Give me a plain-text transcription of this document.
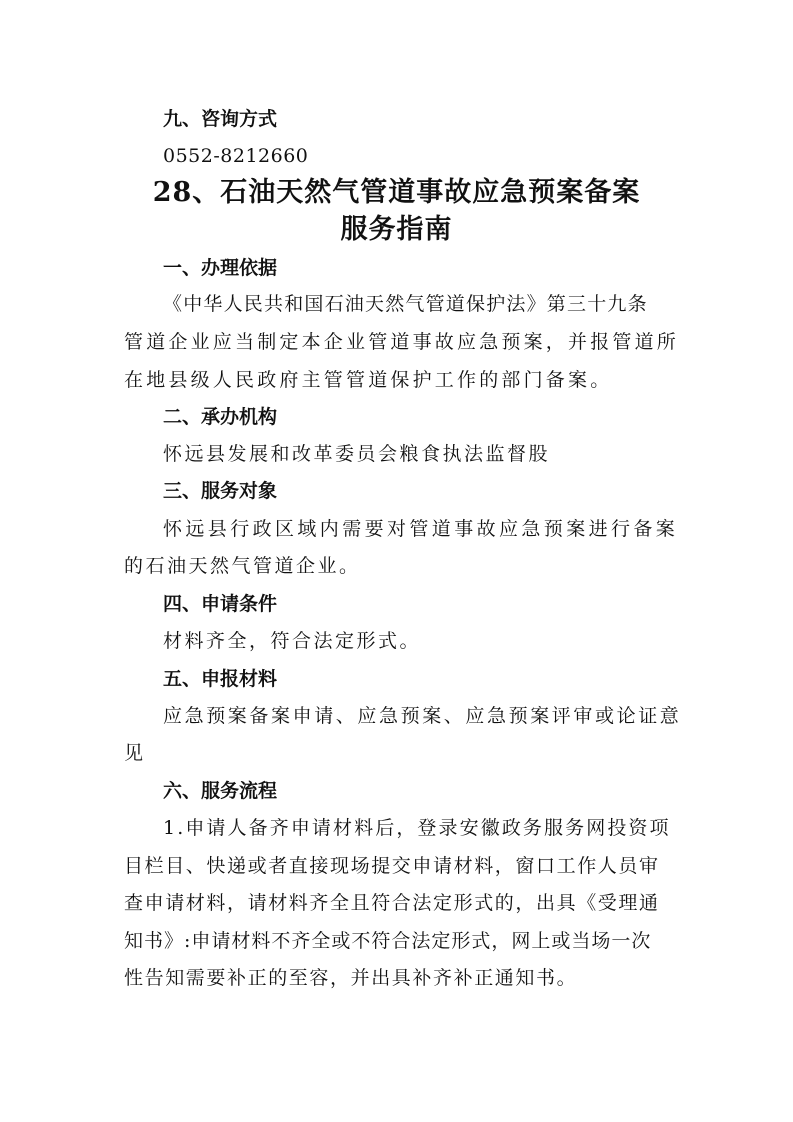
九、咨询方式
0552-8212660
28、石油天然气管道事故应急预案备案
服务指南
一、办理依据
《中华人民共和国石油天然气管道保护法》第三十九条
管道企业应当制定本企业管道事故应急预案，并报管道所
在地县级人民政府主管管道保护工作的部门备案。
二、承办机构
怀远县发展和改革委员会粮食执法监督股
三、服务对象
怀远县行政区域内需要对管道事故应急预案进行备案
的石油天然气管道企业。
四、申请条件
材料齐全，符合法定形式。
五、申报材料
应急预案备案申请、应急预案、应急预案评审或论证意
见
六、服务流程
1.申请人备齐申请材料后，登录安徽政务服务网投资项
目栏目、快递或者直接现场提交申请材料，窗口工作人员审
查申请材料，请材料齐全且符合法定形式的，出具《受理通
知书》:申请材料不齐全或不符合法定形式，网上或当场一次
性告知需要补正的至容，并出具补齐补正通知书。
